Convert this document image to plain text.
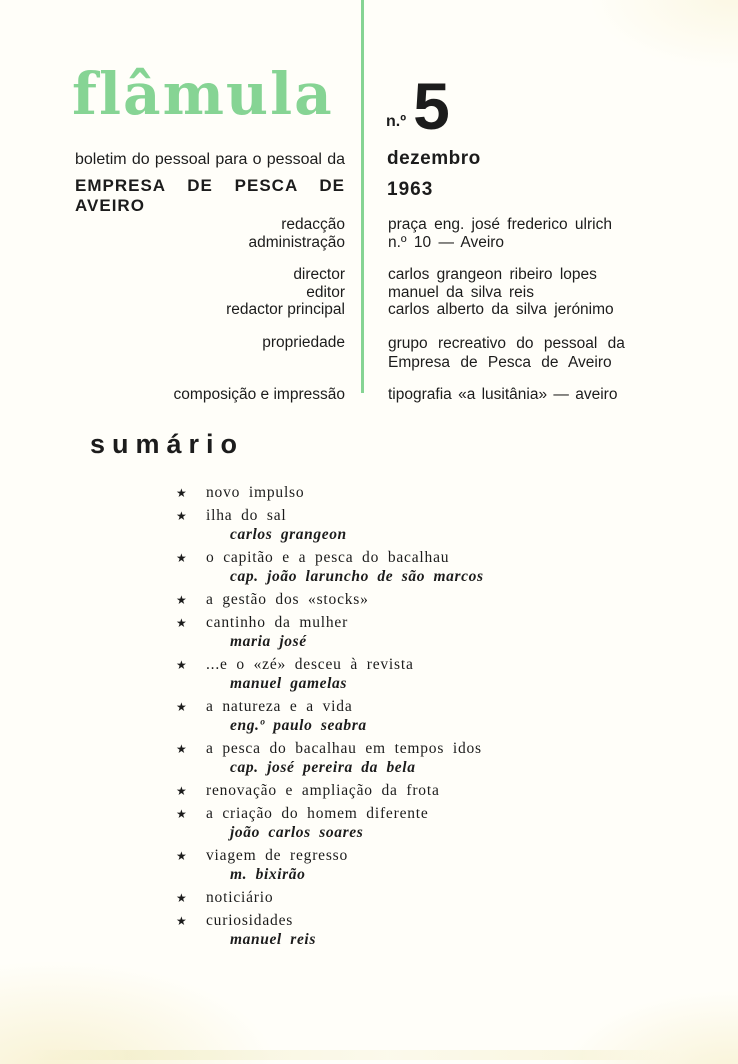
flâmula
boletim do pessoal para o pessoal da
EMPRESA DE PESCA DE AVEIRO
n.º 5
dezembro
1963
redacção
administração
praça eng. josé frederico ulrich
n.º 10 — Aveiro
director
editor
redactor principal
carlos grangeon ribeiro lopes
manuel da silva reis
carlos alberto da silva jerónimo
propriedade	grupo recreativo do pessoal da
Empresa de Pesca de Aveiro
composição e impressão	tipografia «a lusitânia» — aveiro
sumário
★ novo impulso
★ ilha do sal
carlos grangeon
★ o capitão e a pesca do bacalhau
cap. joão laruncho de são marcos
★ a gestão dos «stocks»
★ cantinho da mulher
maria josé
★ ...e o «zé» desceu à revista
manuel gamelas
★ a natureza e a vida
eng.º paulo seabra
★ a pesca do bacalhau em tempos idos
cap. josé pereira da bela
★ renovação e ampliação da frota
★ a criação do homem diferente
joão carlos soares
★ viagem de regresso
m. bixirão
★ noticiário
★ curiosidades
manuel reis
